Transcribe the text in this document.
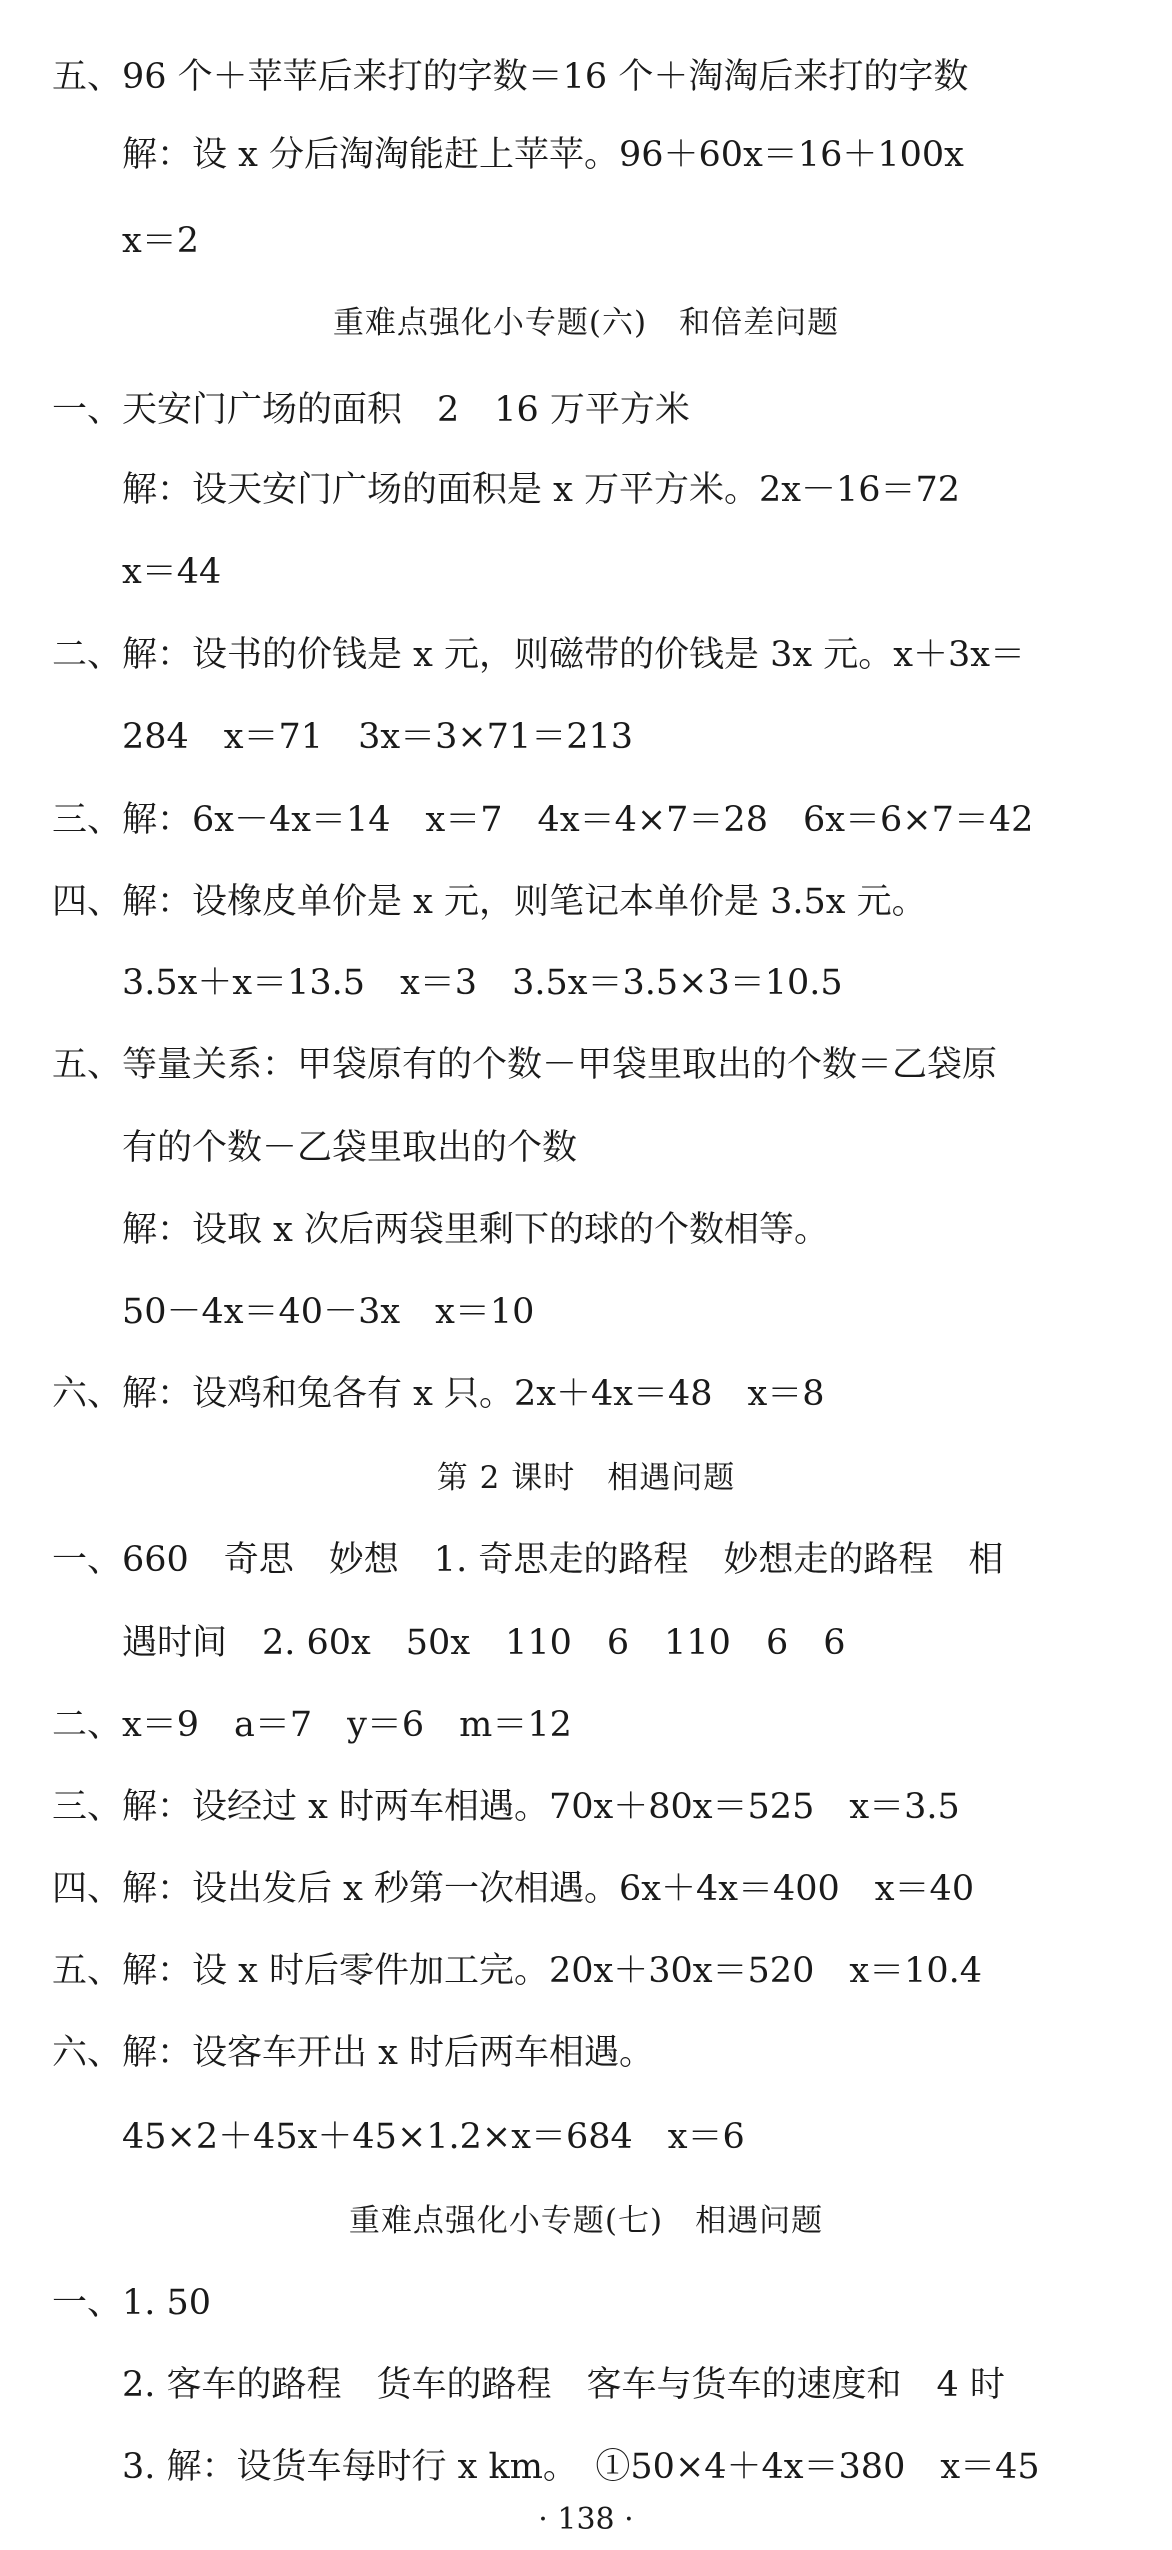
五、96 个＋苹苹后来打的字数＝16 个＋淘淘后来打的字数
解：设 x 分后淘淘能赶上苹苹。96＋60x＝16＋100x
x＝2
重难点强化小专题(六)　和倍差问题
一、天安门广场的面积　2　16 万平方米
解：设天安门广场的面积是 x 万平方米。2x－16＝72
x＝44
二、解：设书的价钱是 x 元，则磁带的价钱是 3x 元。x＋3x＝
284　x＝71　3x＝3×71＝213
三、解：6x－4x＝14　x＝7　4x＝4×7＝28　6x＝6×7＝42
四、解：设橡皮单价是 x 元，则笔记本单价是 3.5x 元。
3.5x＋x＝13.5　x＝3　3.5x＝3.5×3＝10.5
五、等量关系：甲袋原有的个数－甲袋里取出的个数＝乙袋原
有的个数－乙袋里取出的个数
解：设取 x 次后两袋里剩下的球的个数相等。
50－4x＝40－3x　x＝10
六、解：设鸡和兔各有 x 只。2x＋4x＝48　x＝8
第 2 课时　相遇问题
一、660　奇思　妙想　1. 奇思走的路程　妙想走的路程　相
遇时间　2. 60x　50x　110　6　110　6　6
二、x＝9　a＝7　y＝6　m＝12
三、解：设经过 x 时两车相遇。70x＋80x＝525　x＝3.5
四、解：设出发后 x 秒第一次相遇。6x＋4x＝400　x＝40
五、解：设 x 时后零件加工完。20x＋30x＝520　x＝10.4
六、解：设客车开出 x 时后两车相遇。
45×2＋45x＋45×1.2×x＝684　x＝6
重难点强化小专题(七)　相遇问题
一、1. 50
2. 客车的路程　货车的路程　客车与货车的速度和　4 时
3. 解：设货车每时行 x km。　①50×4＋4x＝380　x＝45
· 138 ·
